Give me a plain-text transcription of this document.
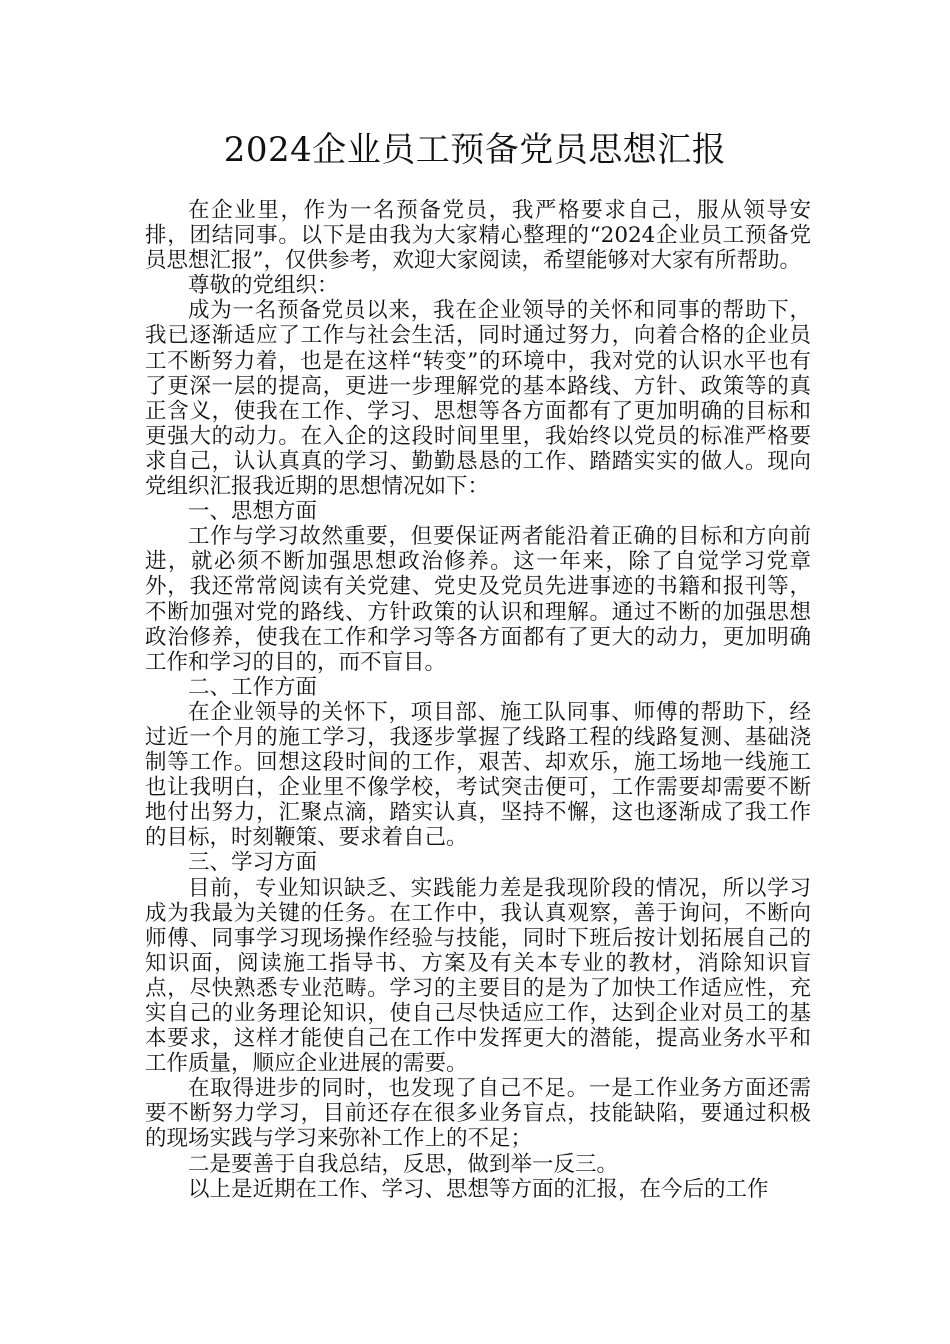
2024企业员工预备党员思想汇报

在企业里，作为一名预备党员，我严格要求自己，服从领导安排，团结同事。以下是由我为大家精心整理的“2024企业员工预备党员思想汇报”，仅供参考，欢迎大家阅读，希望能够对大家有所帮助。

尊敬的党组织：

成为一名预备党员以来，我在企业领导的关怀和同事的帮助下，我已逐渐适应了工作与社会生活，同时通过努力，向着合格的企业员工不断努力着，也是在这样“转变”的环境中，我对党的认识水平也有了更深一层的提高，更进一步理解党的基本路线、方针、政策等的真正含义，使我在工作、学习、思想等各方面都有了更加明确的目标和更强大的动力。在入企的这段时间里里，我始终以党员的标准严格要求自己，认认真真的学习、勤勤恳恳的工作、踏踏实实的做人。现向党组织汇报我近期的思想情况如下：

一、思想方面

工作与学习故然重要，但要保证两者能沿着正确的目标和方向前进，就必须不断加强思想政治修养。这一年来，除了自觉学习党章外，我还常常阅读有关党建、党史及党员先进事迹的书籍和报刊等，不断加强对党的路线、方针政策的认识和理解。通过不断的加强思想政治修养，使我在工作和学习等各方面都有了更大的动力，更加明确工作和学习的目的，而不盲目。

二、工作方面

在企业领导的关怀下，项目部、施工队同事、师傅的帮助下，经过近一个月的施工学习，我逐步掌握了线路工程的线路复测、基础浇制等工作。回想这段时间的工作，艰苦、却欢乐，施工场地一线施工也让我明白，企业里不像学校，考试突击便可，工作需要却需要不断地付出努力，汇聚点滴，踏实认真，坚持不懈，这也逐渐成了我工作的目标，时刻鞭策、要求着自己。

三、学习方面

目前，专业知识缺乏、实践能力差是我现阶段的情况，所以学习成为我最为关键的任务。在工作中，我认真观察，善于询问，不断向师傅、同事学习现场操作经验与技能，同时下班后按计划拓展自己的知识面，阅读施工指导书、方案及有关本专业的教材，消除知识盲点，尽快熟悉专业范畴。学习的主要目的是为了加快工作适应性，充实自己的业务理论知识，使自己尽快适应工作，达到企业对员工的基本要求，这样才能使自己在工作中发挥更大的潜能，提高业务水平和工作质量，顺应企业进展的需要。

在取得进步的同时，也发现了自己不足。一是工作业务方面还需要不断努力学习，目前还存在很多业务盲点，技能缺陷，要通过积极的现场实践与学习来弥补工作上的不足；

二是要善于自我总结，反思，做到举一反三。

以上是近期在工作、学习、思想等方面的汇报，在今后的工作
